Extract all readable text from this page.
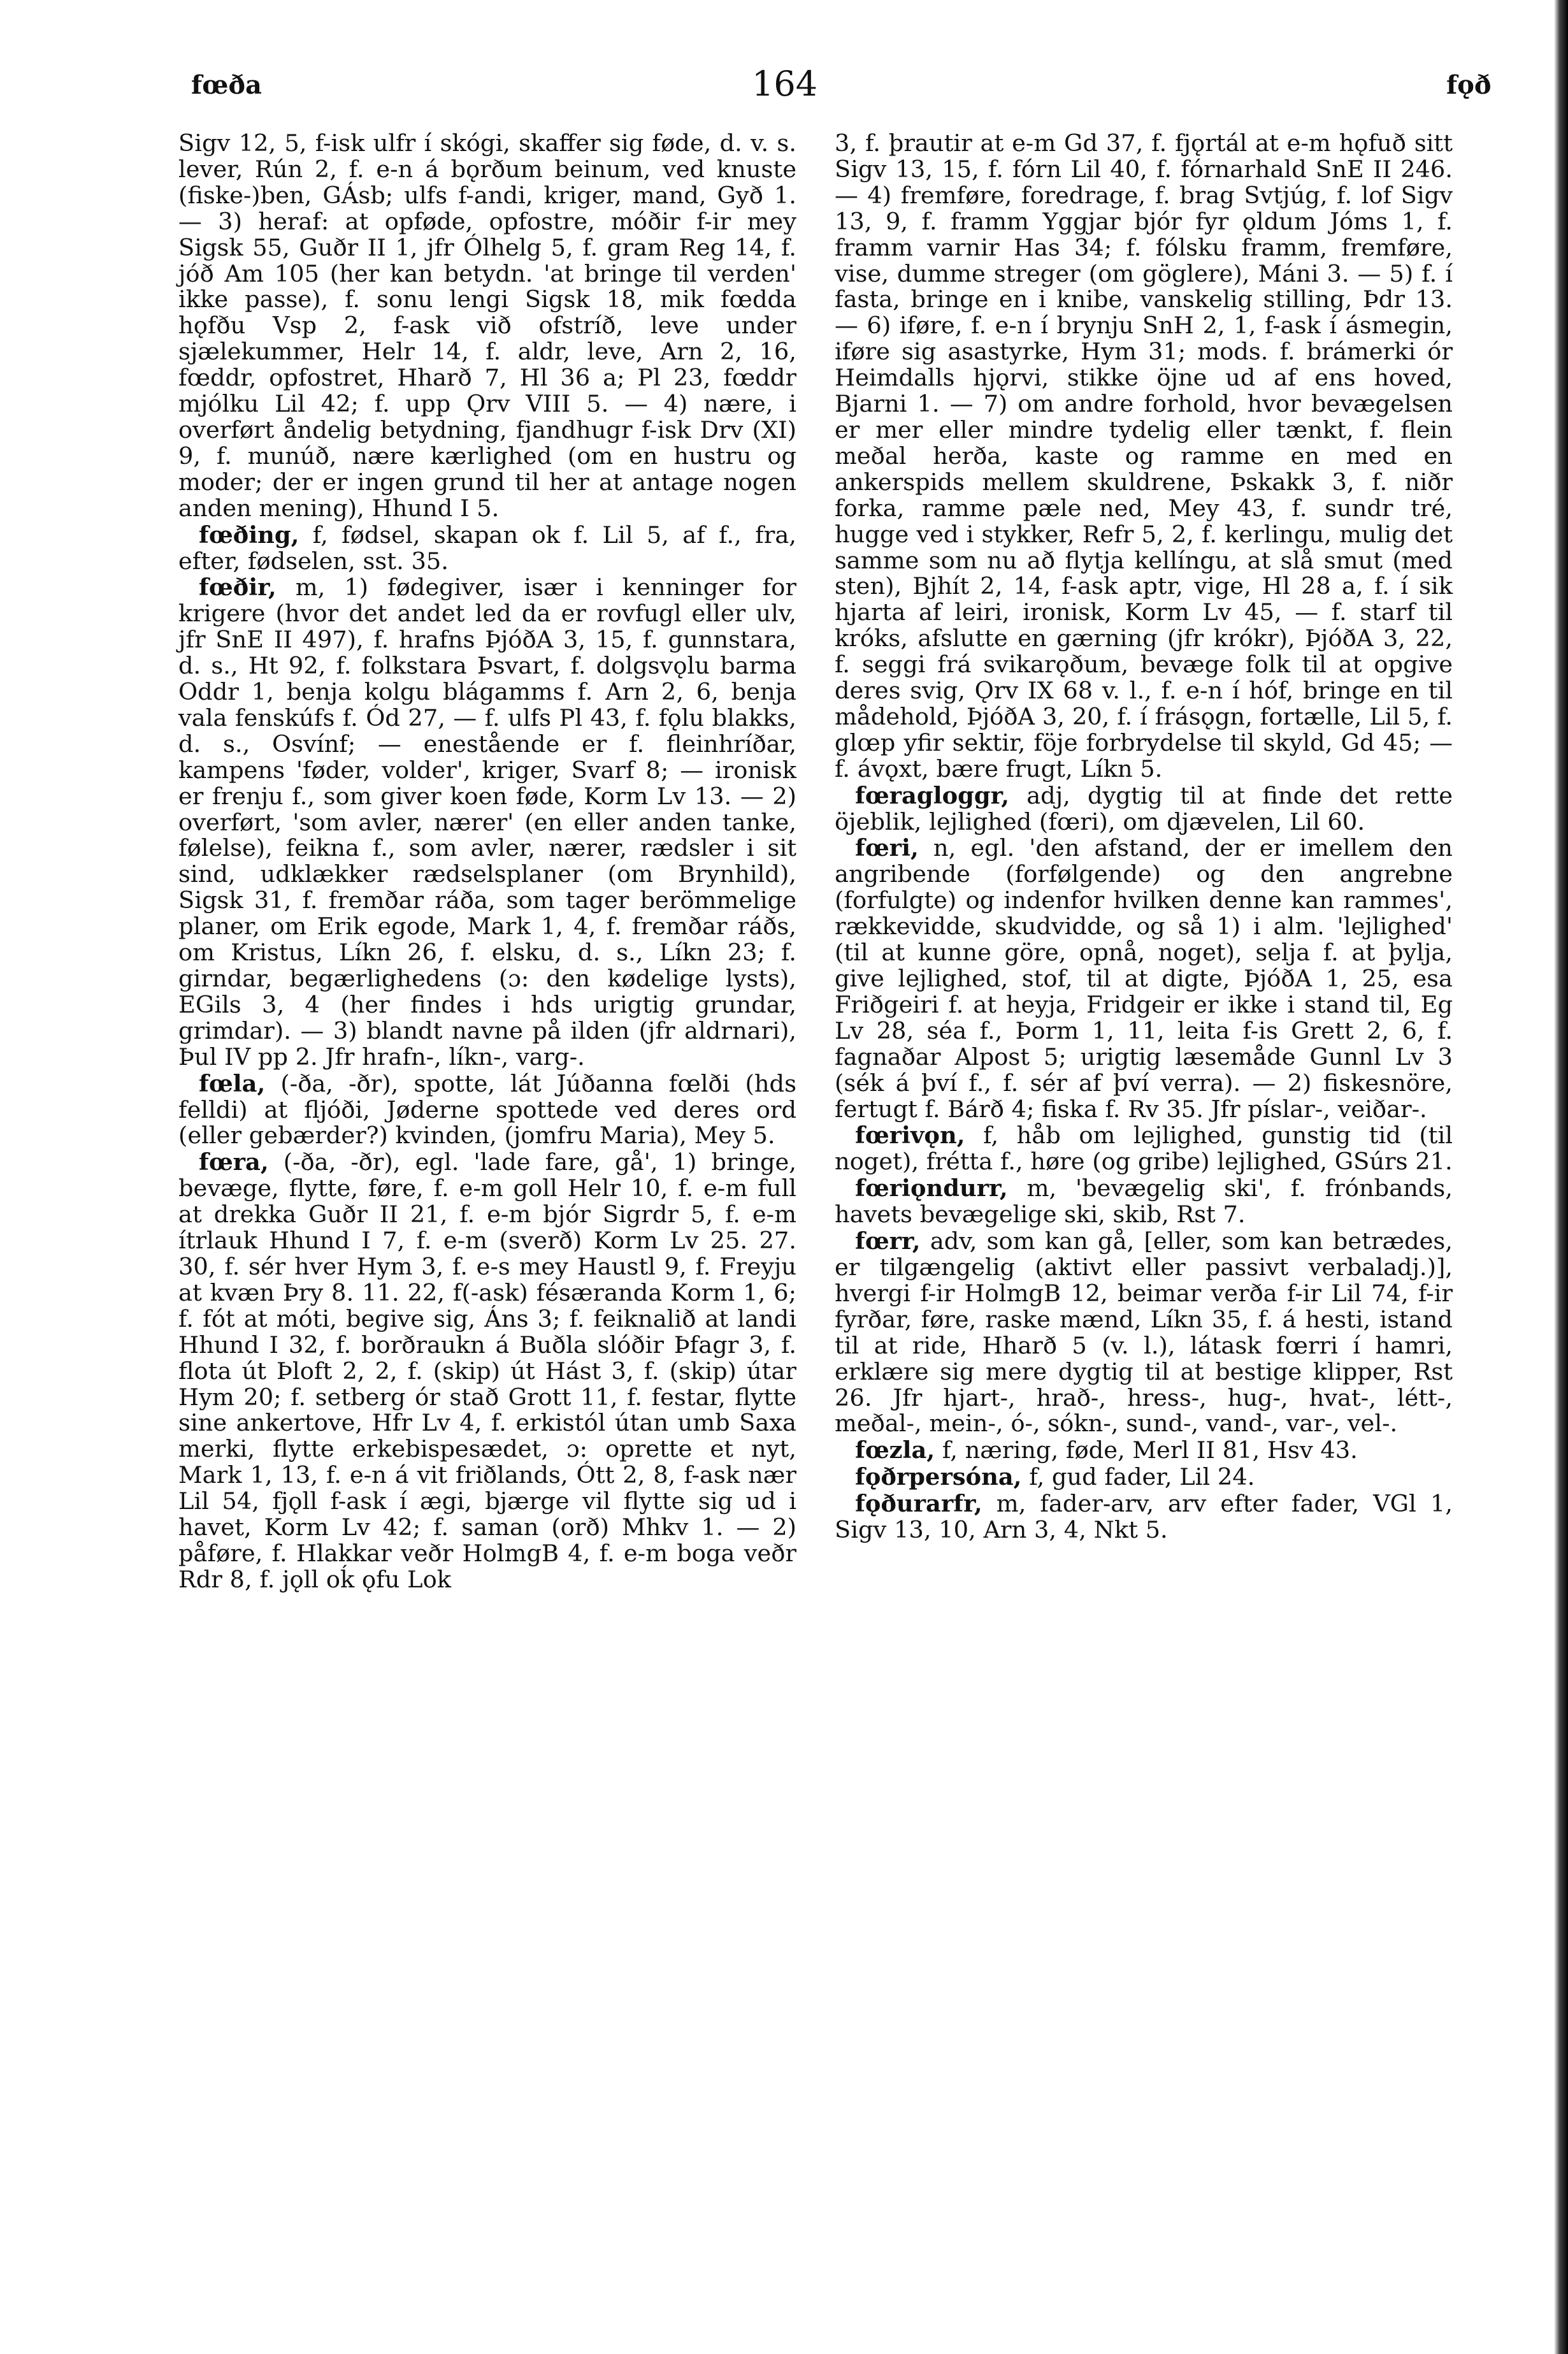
fœða	164	fǫð

Sigv 12, 5, f-isk ulfr í skógi, skaffer sig føde, d. v. s. lever, Rún 2, f. e-n á bǫrðum beinum, ved knuste (fiske-)ben, GÁsb; ulfs f-andi, kriger, mand, Gyð 1. — 3) heraf: at opføde, opfostre, móðir f-ir mey Sigsk 55, Guðr II 1, jfr Ólhelg 5, f. gram Reg 14, f. jóð Am 105 (her kan betydn. 'at bringe til verden' ikke passe), f. sonu lengi Sigsk 18, mik fœdda hǫfðu Vsp 2, f-ask við ofstríð, leve under sjælekummer, Helr 14, f. aldr, leve, Arn 2, 16, fœddr, opfostret, Hharð 7, Hl 36 a; Pl 23, fœddr mjólku Lil 42; f. upp Ǫrv VIII 5. — 4) nære, i overført åndelig betydning, fjandhugr f-isk Drv (XI) 9, f. munúð, nære kærlighed (om en hustru og moder; der er ingen grund til her at antage nogen anden mening), Hhund I 5.

fœðing, f, fødsel, skapan ok f. Lil 5, af f., fra, efter, fødselen, sst. 35.

fœðir, m, 1) fødegiver, især i kenninger for krigere (hvor det andet led da er rovfugl eller ulv, jfr SnE II 497), f. hrafns ÞjóðA 3, 15, f. gunnstara, d. s., Ht 92, f. folkstara Þsvart, f. dolgsvǫlu barma Oddr 1, benja kolgu blágamms f. Arn 2, 6, benja vala fenskúfs f. Ód 27, — f. ulfs Pl 43, f. fǫlu blakks, d. s., Osvínf; — enestående er f. fleinhríðar, kampens 'føder, volder', kriger, Svarf 8; — ironisk er frenju f., som giver koen føde, Korm Lv 13. — 2) overført, 'som avler, nærer' (en eller anden tanke, følelse), feikna f., som avler, nærer, rædsler i sit sind, udklækker rædselsplaner (om Brynhild), Sigsk 31, f. fremðar ráða, som tager berömmelige planer, om Erik egode, Mark 1, 4, f. fremðar ráðs, om Kristus, Líkn 26, f. elsku, d. s., Líkn 23; f. girndar, begærlighedens (ɔ: den kødelige lysts), EGils 3, 4 (her findes i hds urigtig grundar, grimdar). — 3) blandt navne på ilden (jfr aldrnari), Þul IV pp 2. Jfr hrafn-, líkn-, varg-.

fœla, (-ða, -ðr), spotte, lát Júðanna fœlði (hds felldi) at fljóði, Jøderne spottede ved deres ord (eller gebærder?) kvinden, (jomfru Maria), Mey 5.

fœra, (-ða, -ðr), egl. 'lade fare, gå', 1) bringe, bevæge, flytte, føre, f. e-m goll Helr 10, f. e-m full at drekka Guðr II 21, f. e-m bjór Sigrdr 5, f. e-m ítrlauk Hhund I 7, f. e-m (sverð) Korm Lv 25. 27. 30, f. sér hver Hym 3, f. e-s mey Haustl 9, f. Freyju at kvæn Þry 8. 11. 22, f(-ask) fésæranda Korm 1, 6; f. fót at móti, begive sig, Áns 3; f. feiknalið at landi Hhund I 32, f. borðraukn á Buðla slóðir Þfagr 3, f. flota út Þloft 2, 2, f. (skip) út Hást 3, f. (skip) útar Hym 20; f. setberg ór stað Grott 11, f. festar, flytte sine ankertove, Hfr Lv 4, f. erkistól útan umb Saxa merki, flytte erkebispesædet, ɔ: oprette et nyt, Mark 1, 13, f. e-n á vit friðlands, Ótt 2, 8, f-ask nær Lil 54, fjǫll f-ask í ægi, bjærge vil flytte sig ud i havet, Korm Lv 42; f. saman (orð) Mhkv 1. — 2) påføre, f. Hlakkar veðr HolmgB 4, f. e-m boga veðr Rdr 8, f. jǫll oḱ ǫfu Lok

3, f. þrautir at e-m Gd 37, f. fjǫrtál at e-m hǫfuð sitt Sigv 13, 15, f. fórn Lil 40, f. fórnarhald SnE II 246. — 4) fremføre, foredrage, f. brag Svtjúg, f. lof Sigv 13, 9, f. framm Yggjar bjór fyr ǫldum Jóms 1, f. framm varnir Has 34; f. fólsku framm, fremføre, vise, dumme streger (om göglere), Máni 3. — 5) f. í fasta, bringe en i knibe, vanskelig stilling, Þdr 13. — 6) iføre, f. e-n í brynju SnH 2, 1, f-ask í ásmegin, iføre sig asastyrke, Hym 31; mods. f. brámerki ór Heimdalls hjǫrvi, stikke öjne ud af ens hoved, Bjarni 1. — 7) om andre forhold, hvor bevægelsen er mer eller mindre tydelig eller tænkt, f. flein meðal herða, kaste og ramme en med en ankerspids mellem skuldrene, Þskakk 3, f. niðr forka, ramme pæle ned, Mey 43, f. sundr tré, hugge ved i stykker, Refr 5, 2, f. kerlingu, mulig det samme som nu að flytja kellíngu, at slå smut (med sten), Bjhít 2, 14, f-ask aptr, vige, Hl 28 a, f. í sik hjarta af leiri, ironisk, Korm Lv 45, — f. starf til króks, afslutte en gærning (jfr krókr), ÞjóðA 3, 22, f. seggi frá svikarǫðum, bevæge folk til at opgive deres svig, Ǫrv IX 68 v. l., f. e-n í hóf, bringe en til mådehold, ÞjóðA 3, 20, f. í frásǫgn, fortælle, Lil 5, f. glœp yfir sektir, föje forbrydelse til skyld, Gd 45; — f. ávǫxt, bære frugt, Líkn 5.

fœragloggr, adj, dygtig til at finde det rette öjeblik, lejlighed (fœri), om djævelen, Lil 60.

fœri, n, egl. 'den afstand, der er imellem den angribende (forfølgende) og den angrebne (forfulgte) og indenfor hvilken denne kan rammes', rækkevidde, skudvidde, og så 1) i alm. 'lejlighed' (til at kunne göre, opnå, noget), selja f. at þylja, give lejlighed, stof, til at digte, ÞjóðA 1, 25, esa Friðgeiri f. at heyja, Fridgeir er ikke i stand til, Eg Lv 28, séa f., Þorm 1, 11, leita f-is Grett 2, 6, f. fagnaðar Alpost 5; urigtig læsemåde Gunnl Lv 3 (sék á því f., f. sér af því verra). — 2) fiskesnöre, fertugt f. Bárð 4; fiska f. Rv 35. Jfr píslar-, veiðar-.

fœrivǫn, f, håb om lejlighed, gunstig tid (til noget), frétta f., høre (og gribe) lejlighed, GSúrs 21.

fœriǫndurr, m, 'bevægelig ski', f. frónbands, havets bevægelige ski, skib, Rst 7.

fœrr, adv, som kan gå, [eller, som kan betrædes, er tilgængelig (aktivt eller passivt verbaladj.)], hvergi f-ir HolmgB 12, beimar verða f-ir Lil 74, f-ir fyrðar, føre, raske mænd, Líkn 35, f. á hesti, istand til at ride, Hharð 5 (v. l.), látask fœrri í hamri, erklære sig mere dygtig til at bestige klipper, Rst 26. Jfr hjart-, hrað-, hress-, hug-, hvat-, létt-, meðal-, mein-, ó-, sókn-, sund-, vand-, var-, vel-.

fœzla, f, næring, føde, Merl II 81, Hsv 43.

fǫðrpersóna, f, gud fader, Lil 24.

fǫðurarfr, m, fader-arv, arv efter fader, VGl 1, Sigv 13, 10, Arn 3, 4, Nkt 5.
